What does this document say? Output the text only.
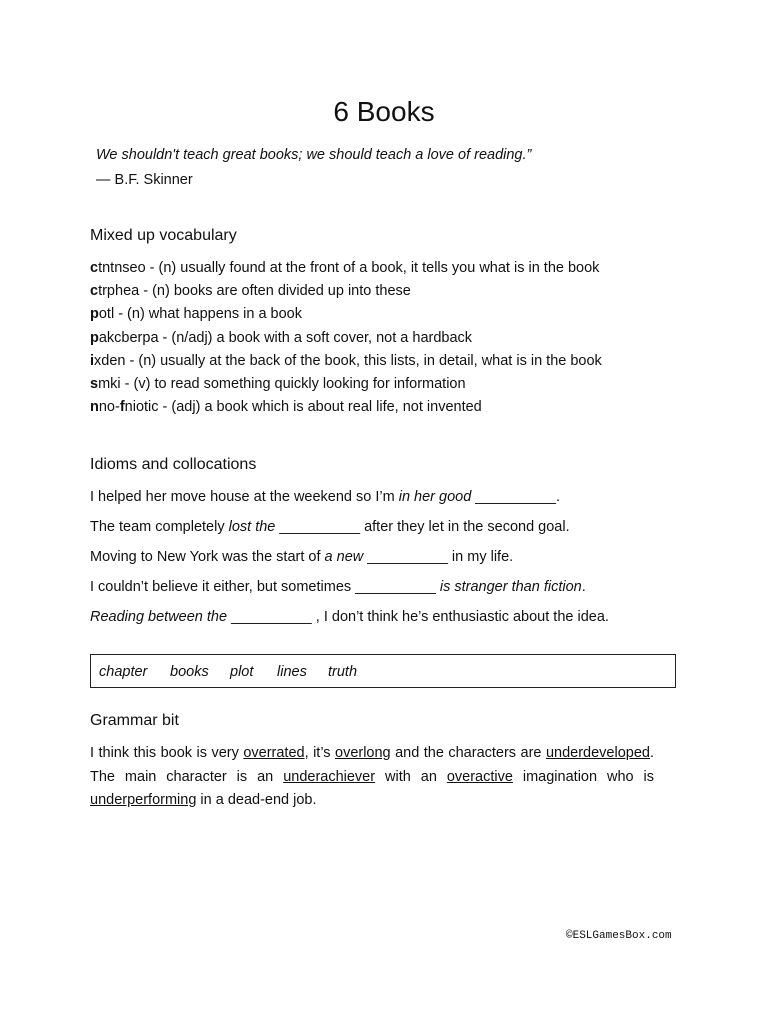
6 Books
We shouldn't teach great books; we should teach a love of reading.”
— B.F. Skinner
Mixed up vocabulary
ctntnseo - (n) usually found at the front of a book, it tells you what is in the book
ctrphea - (n) books are often divided up into these
potl - (n) what happens in a book
pakcberpa - (n/adj) a book with a soft cover, not a hardback
ixden - (n) usually at the back of the book, this lists, in detail, what is in the book
smki - (v) to read something quickly looking for information
nno-fniotic - (adj) a book which is about real life, not invented
Idioms and collocations
I helped her move house at the weekend so I’m in her good __________.
The team completely lost the __________ after they let in the second goal.
Moving to New York was the start of a new __________ in my life.
I couldn’t believe it either, but sometimes __________ is stranger than fiction.
Reading between the __________ , I don’t think he’s enthusiastic about the idea.
chapter books plot lines truth
Grammar bit
I think this book is very overrated, it’s overlong and the characters are underdeveloped. The main character is an underachiever with an overactive imagination who is underperforming in a dead-end job.
©ESLGamesBox.com
